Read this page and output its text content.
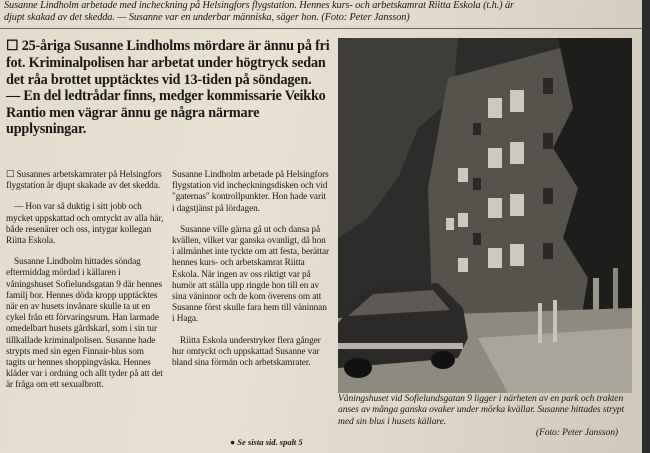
Susanne Lindholm arbetade med incheckning på Helsingfors flygstation. Hennes kurs- och arbetskamrat Riitta Eskola (t.h.) är
djupt skakad av det skedda. — Susanne var en underbar människa, säger hon. (Foto: Peter Jansson)

☐ 25-åriga Susanne Lindholms mördare är ännu på fri fot. Kriminalpolisen har arbetat under högtryck sedan det råa brottet upptäcktes vid 13-tiden på söndagen.

— En del ledtrådar finns, medger kommissarie Veikko Rantio men vägrar ännu ge några närmare upplysningar.

☐ Susannes arbetskamrater på Helsingfors flygstation är djupt skakade av det skedda.

— Hon var så duktig i sitt jobb och mycket uppskattad och omtyckt av alla här, både resenärer och oss, intygar kollegan Riitta Eskola.

Susanne Lindholm hittades söndag eftermiddag mördad i källaren i våningshuset Sofielundsgatan 9 där hennes familj bor. Hennes döda kropp upptäcktes när en av husets invånare skulle ta ut en cykel från ett förvaringsrum. Han larmade omedelbart husets gårdskarl, som i sin tur tillkallade kriminalpolisen. Susanne hade strypts med sin egen Finnair-blus som tagits ur hennes shoppingväska. Hennes kläder var i ordning och allt tyder på att det är fråga om ett sexualbrott.

Susanne Lindholm arbetade på Helsingfors flygstation vid incheckningsdisken och vid "gaternas" kontrollpunkter. Hon hade varit i dagstjänst på lördagen.

Susanne ville gärna gå ut och dansa på kvällen, vilket var ganska ovanligt, då hon i allmänhet inte tyckte om att festa, berättar hennes kurs- och arbetskamrat Riitta Eskola. När ingen av oss riktigt var på humör att ställa upp ringde hon till en av sina väninnor och de kom överens om att Susanne först skulle fara hem till väninnan i Haga.

Riitta Eskola understryker flera gånger hur omtyckt och uppskattad Susanne var bland sina förmän och arbetskamrater.

● Se sista sid. spalt 5
Våningshuset vid Sofielundsgatan 9 ligger i närheten av en park och trakten anses av många ganska ovaker under mörka kvällar. Susanne hittades strypt med sin blus i husets källare.
(Foto: Peter Jansson)
